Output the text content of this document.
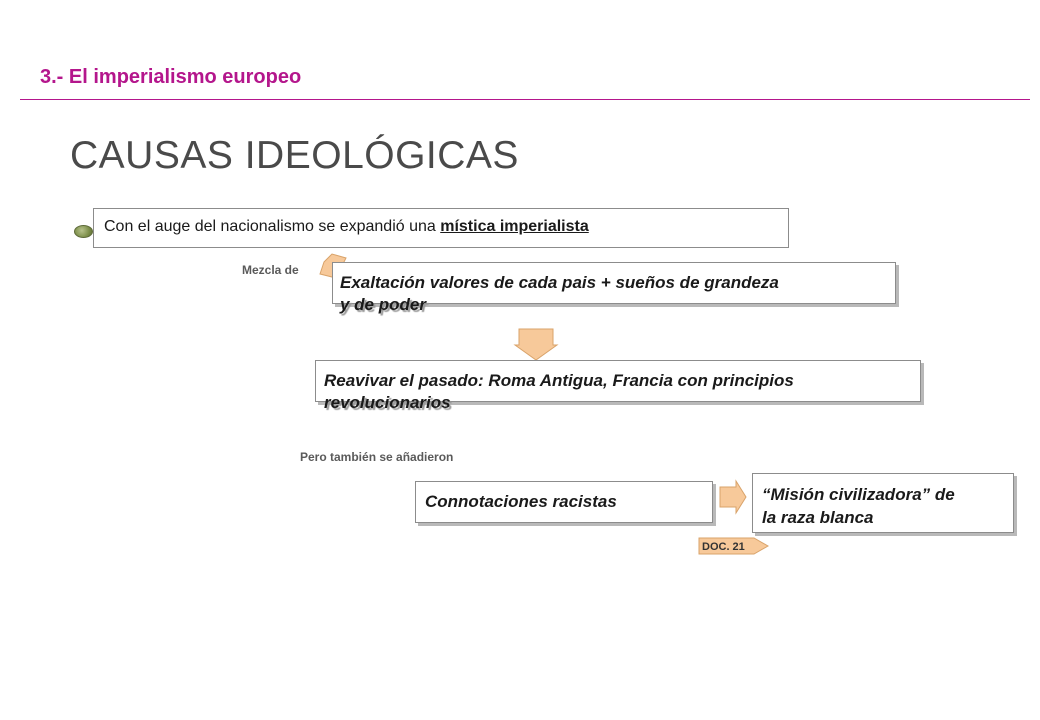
3.- El imperialismo europeo
CAUSAS IDEOLÓGICAS
Con el auge del nacionalismo se expandió una mística imperialista
Mezcla de
Exaltación valores de cada pais + sueños de grandeza
y de poder
Reavivar el pasado: Roma Antigua, Francia con principios
revolucionarios
Pero también se añadieron
Connotaciones racistas	“Misión civilizadora” de
la raza blanca
DOC. 21
